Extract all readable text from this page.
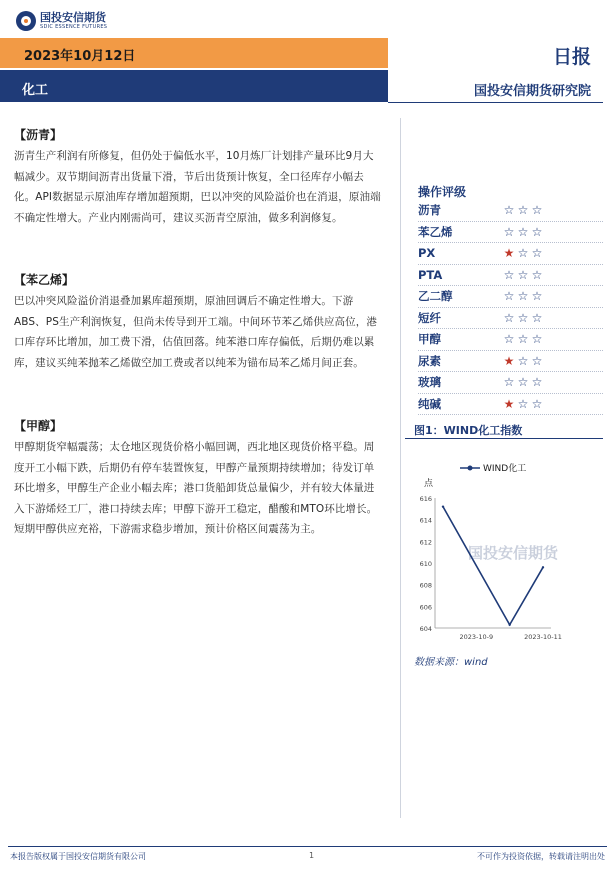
国投安信期货
SDIC ESSENCE FUTURES
2023年10月12日	日报
化工	国投安信期货研究院
【沥青】
沥青生产利润有所修复，但仍处于偏低水平，10月炼厂计划排产量环比9月大幅减少。双节期间沥青出货量下滑，节后出货预计恢复，全口径库存小幅去化。API数据显示原油库存增加超预期，巴以冲突的风险溢价也在消退，原油端不确定性增大。产业内刚需尚可，建议买沥青空原油，做多利润修复。
【苯乙烯】
巴以冲突风险溢价消退叠加累库超预期，原油回调后不确定性增大。下游ABS、PS生产利润恢复，但尚未传导到开工端。中间环节苯乙烯供应高位，港口库存环比增加，加工费下滑，估值回落。纯苯港口库存偏低，后期仍难以累库，建议买纯苯抛苯乙烯做空加工费或者以纯苯为锚布局苯乙烯月间正套。
【甲醇】
甲醇期货窄幅震荡；太仓地区现货价格小幅回调，西北地区现货价格平稳。周度开工小幅下跌，后期仍有停车装置恢复，甲醇产量预期持续增加；待发订单环比增多，甲醇生产企业小幅去库；港口货船卸货总量偏少，并有较大体量进入下游烯烃工厂，港口持续去库；甲醇下游开工稳定，醋酸和MTO环比增长。短期甲醇供应充裕，下游需求稳步增加，预计价格区间震荡为主。
操作评级
沥青	☆ ☆ ☆
苯乙烯	☆ ☆ ☆
PX	★ ☆ ☆
PTA	☆ ☆ ☆
乙二醇	☆ ☆ ☆
短纤	☆ ☆ ☆
甲醇	☆ ☆ ☆
尿素	★ ☆ ☆
玻璃	☆ ☆ ☆
纯碱	★ ☆ ☆
图1：WIND化工指数
国投安信期货
WIND化工
点
604
606
608
610
612
614
616
2023-10-9	2023-10-11
数据来源：wind
本报告版权属于国投安信期货有限公司	1	不可作为投资依据，转载请注明出处
